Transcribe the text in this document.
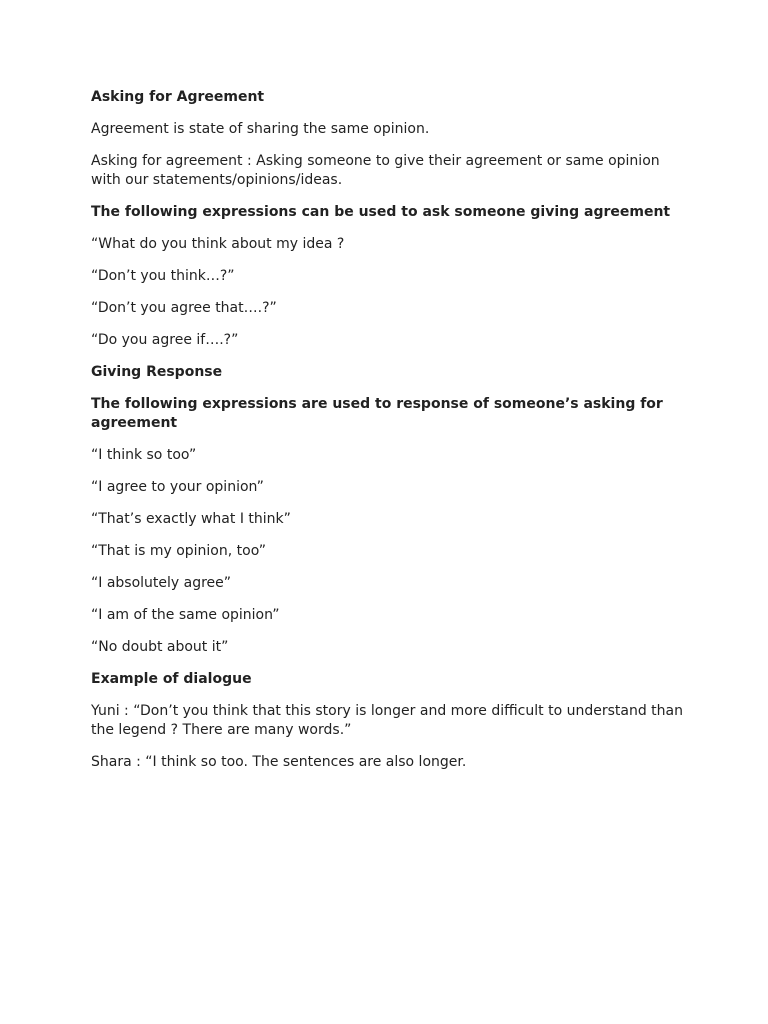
Asking for Agreement

Agreement is state of sharing the same opinion.

Asking for agreement : Asking someone to give their agreement or same opinion with our statements/opinions/ideas.

The following expressions can be used to ask someone giving agreement

“What do you think about my idea ?

“Don’t you think…?”

“Don’t you agree that….?”

“Do you agree if….?”

Giving Response

The following expressions are used to response of someone’s asking for agreement

“I think so too”

“I agree to your opinion”

“That’s exactly what I think”

“That is my opinion, too”

“I absolutely agree”

“I am of the same opinion”

“No doubt about it”

Example of dialogue

Yuni : “Don’t you think that this story is longer and more difficult to understand than the legend ? There are many words.”

Shara : “I think so too. The sentences are also longer.
